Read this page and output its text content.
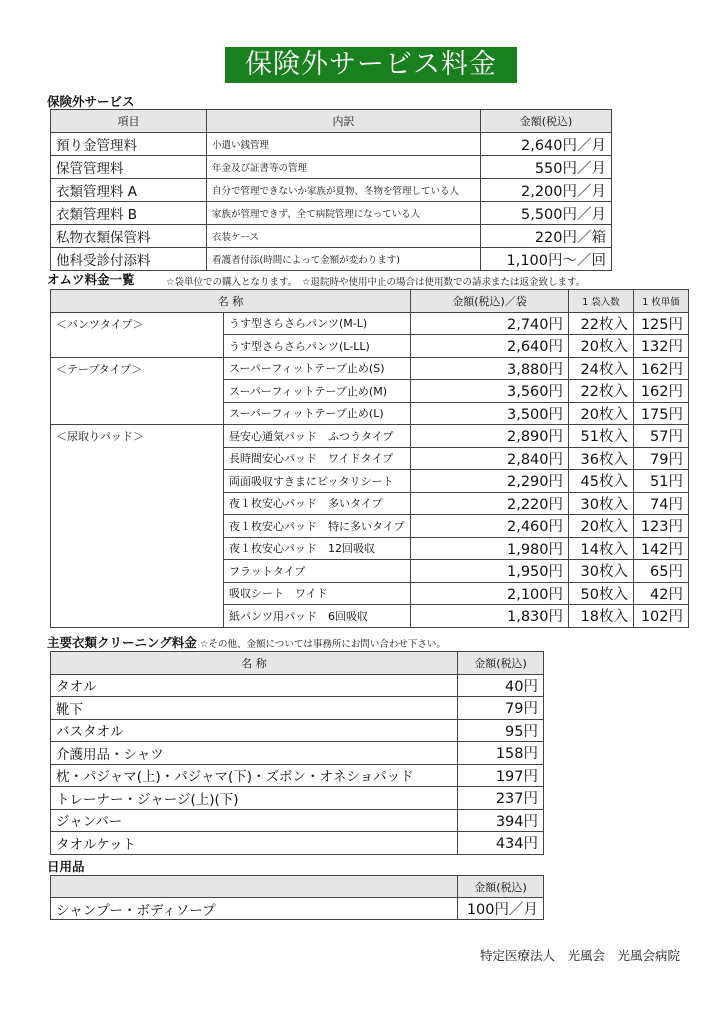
保険外サービス料金
保険外サービス
項目	内訳	金額(税込)
預り金管理料	小遣い銭管理	2,640円／月
保管管理料	年金及び証書等の管理	550円／月
衣類管理料 A	自分で管理できないか家族が夏物、冬物を管理している人	2,200円／月
衣類管理料 B	家族が管理できず、全て病院管理になっている人	5,500円／月
私物衣類保管料	衣装ケース	220円／箱
他科受診付添料	看護者付添(時間によって金額が変わります)	1,100円～／回
オムツ料金一覧	☆袋単位での購入となります。　☆退院時や使用中止の場合は使用数での請求または返金致します。
名 称		金額(税込)／袋	1 袋入数	1 枚単価
＜パンツタイプ＞	うす型さらさらパンツ(M-L)	2,740円	22枚入	125円
	うす型さらさらパンツ(L-LL)	2,640円	20枚入	132円
＜テープタイプ＞	スーパーフィットテープ止め(S)	3,880円	24枚入	162円
	スーパーフィットテープ止め(M)	3,560円	22枚入	162円
	スーパーフィットテープ止め(L)	3,500円	20枚入	175円
＜尿取りパッド＞	昼安心通気パッド　ふつうタイプ	2,890円	51枚入	57円
	長時間安心パッド　ワイドタイプ	2,840円	36枚入	79円
	両面吸収すきまにピッタリシート	2,290円	45枚入	51円
	夜１枚安心パッド　多いタイプ	2,220円	30枚入	74円
	夜１枚安心パッド　特に多いタイプ	2,460円	20枚入	123円
	夜１枚安心パッド　12回吸収	1,980円	14枚入	142円
	フラットタイプ	1,950円	30枚入	65円
	吸収シート　ワイド	2,100円	50枚入	42円
	紙パンツ用パッド　6回吸収	1,830円	18枚入	102円
主要衣類クリーニング料金 ☆その他、金額については事務所にお問い合わせ下さい。
名 称	金額(税込)
タオル	40円
靴下	79円
バスタオル	95円
介護用品・シャツ	158円
枕・パジャマ(上)・パジャマ(下)・ズボン・オネショパッド	197円
トレーナー・ジャージ(上)(下)	237円
ジャンバー	394円
タオルケット	434円
日用品
	金額(税込)
シャンプー・ボディソープ	100円／月
特定医療法人　光風会　光風会病院
